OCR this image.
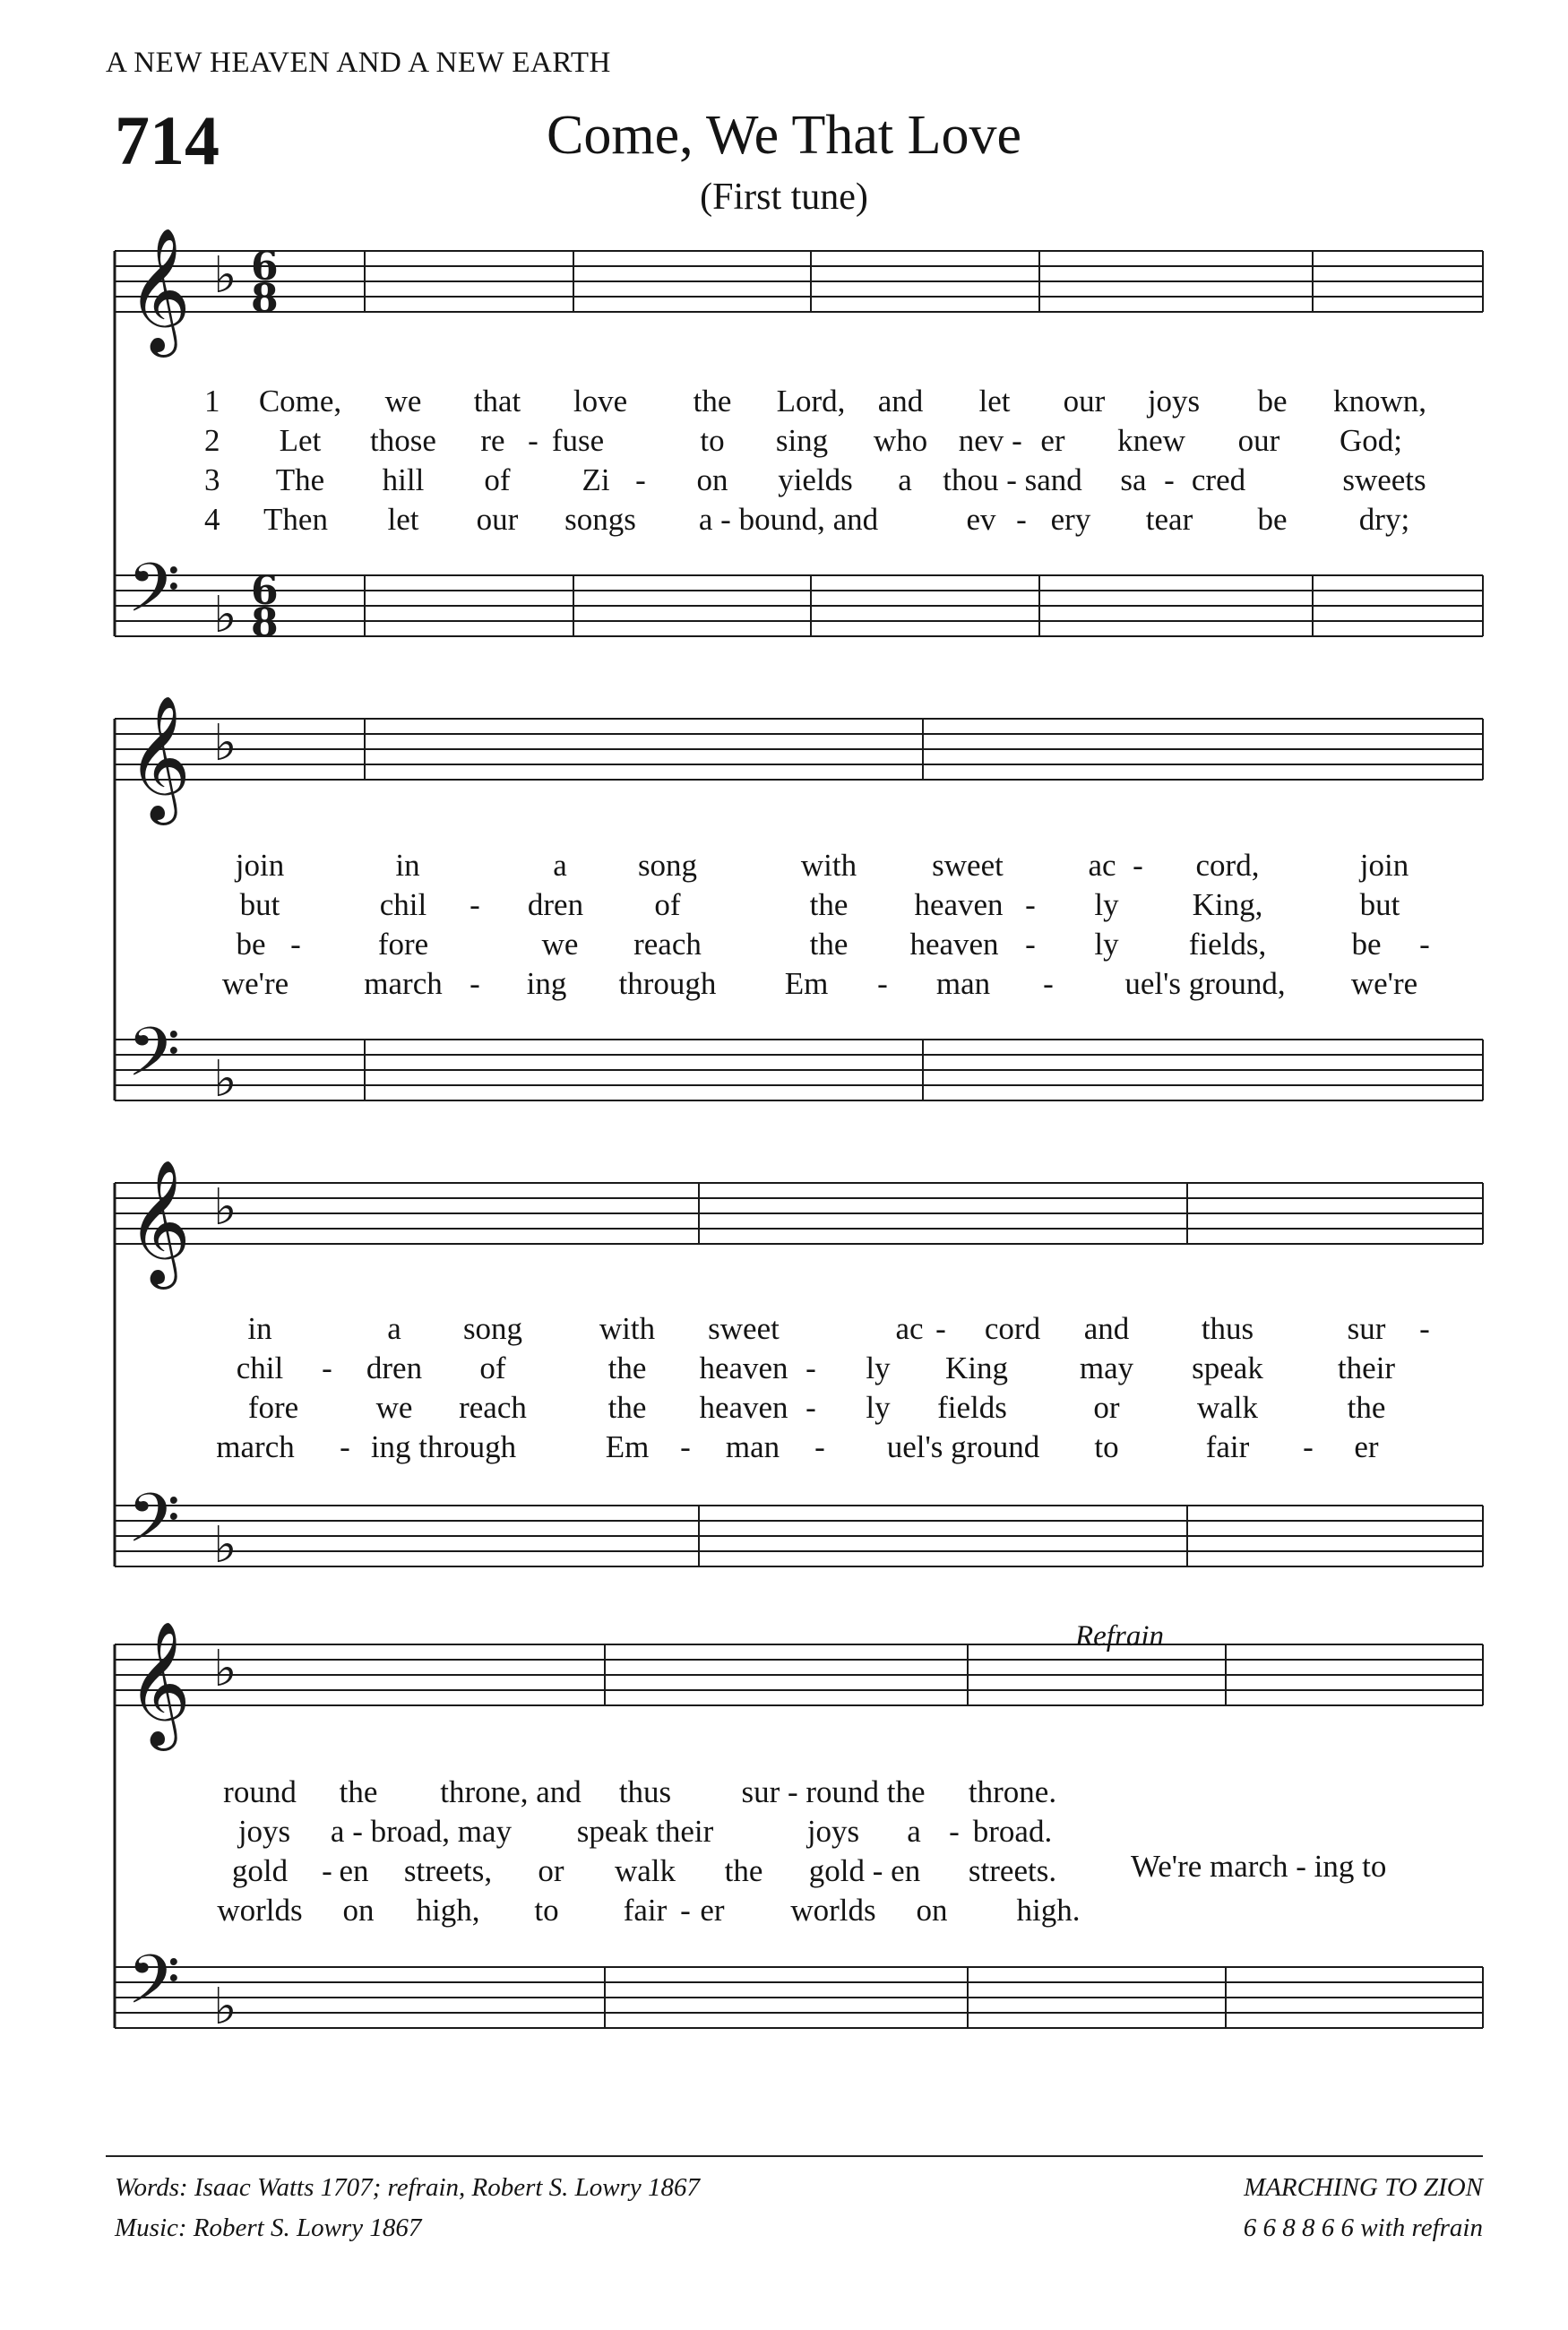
A NEW HEAVEN AND A NEW EARTH
714	Come, We That Love
(First tune)
𝄞
𝄢
♭
♭
6
8
6
8
𝄞
𝄢
♭
♭
𝄞
𝄢
♭
♭
𝄞
𝄢
♭
♭
1
2
3
4
Come, we that love the Lord, and let our joys be known,
Let those re - fuse	to sing who nev - er knew our God;
The hill of Zi - on yields a thou - sand sa - cred	sweets
Then let our songs a - bound, and	ev - ery tear be dry;
join	in	a song	with sweet	ac - cord,	join
but	chil - dren of	the heaven - ly King,	but
be - fore	we reach	the heaven - ly fields,	be -
we're march - ing through Em - man - uel's ground, we're
in	a song with sweet	ac - cord and thus	sur -
chil - dren of	the heaven - ly King may speak their
fore we reach	the heaven - ly fields	or walk	the
march - ing through	Em - man - uel's ground to	fair - er
round the throne, and thus sur - round the throne.
joys a - broad, may speak their	joys a - broad.
gold - en streets, or walk the gold - en streets.
worlds on high, to fair - er worlds on high.
Refrain
We're march - ing to
Words: Isaac Watts 1707; refrain, Robert S. Lowry 1867
Music: Robert S. Lowry 1867
MARCHING TO ZION
6 6 8 8 6 6 with refrain
